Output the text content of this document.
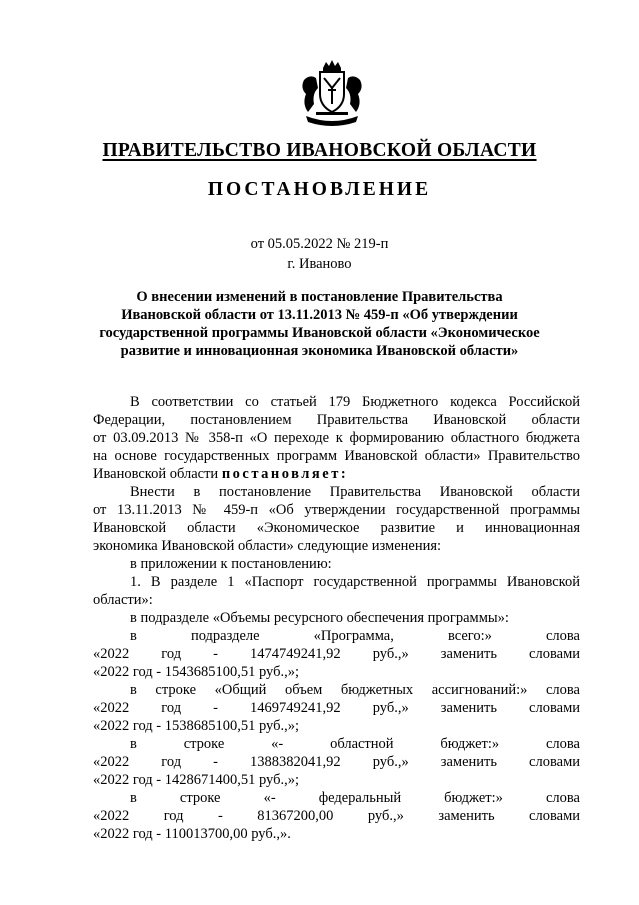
ПРАВИТЕЛЬСТВО ИВАНОВСКОЙ ОБЛАСТИ
ПОСТАНОВЛЕНИЕ
от 05.05.2022 № 219-п
г. Иваново
О внесении изменений в постановление Правительства
Ивановской области от 13.11.2013 № 459-п «Об утверждении
государственной программы Ивановской области «Экономическое
развитие и инновационная экономика Ивановской области»
В соответствии со статьей 179 Бюджетного кодекса Российской
Федерации, постановлением Правительства Ивановской области
от 03.09.2013 № 358-п «О переходе к формированию областного бюджета
на основе государственных программ Ивановской области» Правительство
Ивановской области постановляет:
Внести в постановление Правительства Ивановской области
от 13.11.2013 № 459-п «Об утверждении государственной программы
Ивановской области «Экономическое развитие и инновационная
экономика Ивановской области» следующие изменения:
в приложении к постановлению:
1. В разделе 1 «Паспорт государственной программы Ивановской
области»:
в подразделе «Объемы ресурсного обеспечения программы»:
в подразделе «Программа, всего:» слова
«2022 год - 1474749241,92 руб.,» заменить словами
«2022 год - 1543685100,51 руб.,»;
в строке «Общий объем бюджетных ассигнований:» слова
«2022 год - 1469749241,92 руб.,» заменить словами
«2022 год - 1538685100,51 руб.,»;
в строке «- областной бюджет:» слова
«2022 год - 1388382041,92 руб.,» заменить словами
«2022 год - 1428671400,51 руб.,»;
в строке «- федеральный бюджет:» слова
«2022 год - 81367200,00 руб.,» заменить словами
«2022 год - 110013700,00 руб.,».
